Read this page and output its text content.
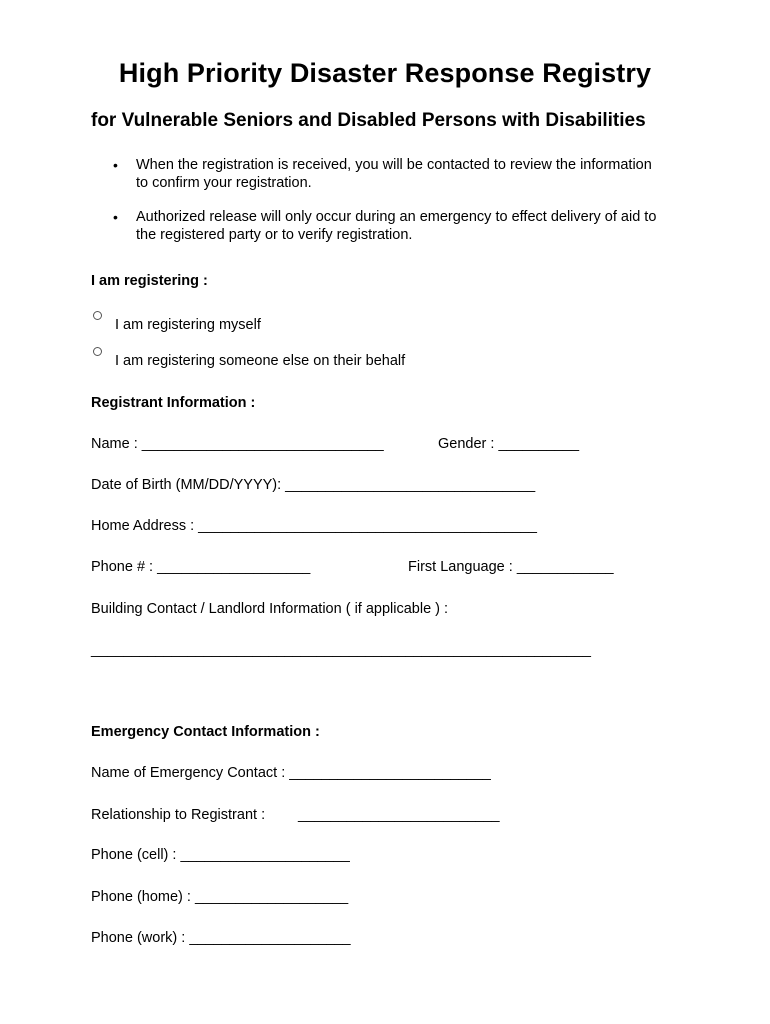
High Priority Disaster Response Registry
for Vulnerable Seniors and Disabled Persons with Disabilities
• When the registration is received, you will be contacted to review the information
to confirm your registration.
• Authorized release will only occur during an emergency to effect delivery of aid to
the registered party or to verify registration.
I am registering :
I am registering myself
I am registering someone else on their behalf
Registrant Information :
Name : ______________________________	Gender : __________
Date of Birth (MM/DD/YYYY): _______________________________
Home Address : __________________________________________
Phone # : ___________________	First Language : ____________
Building Contact / Landlord Information ( if applicable ) :
______________________________________________________________
Emergency Contact Information :
Name of Emergency Contact : _________________________
Relationship to Registrant : _________________________
Phone (cell) : _____________________
Phone (home) : ___________________
Phone (work) : ____________________
